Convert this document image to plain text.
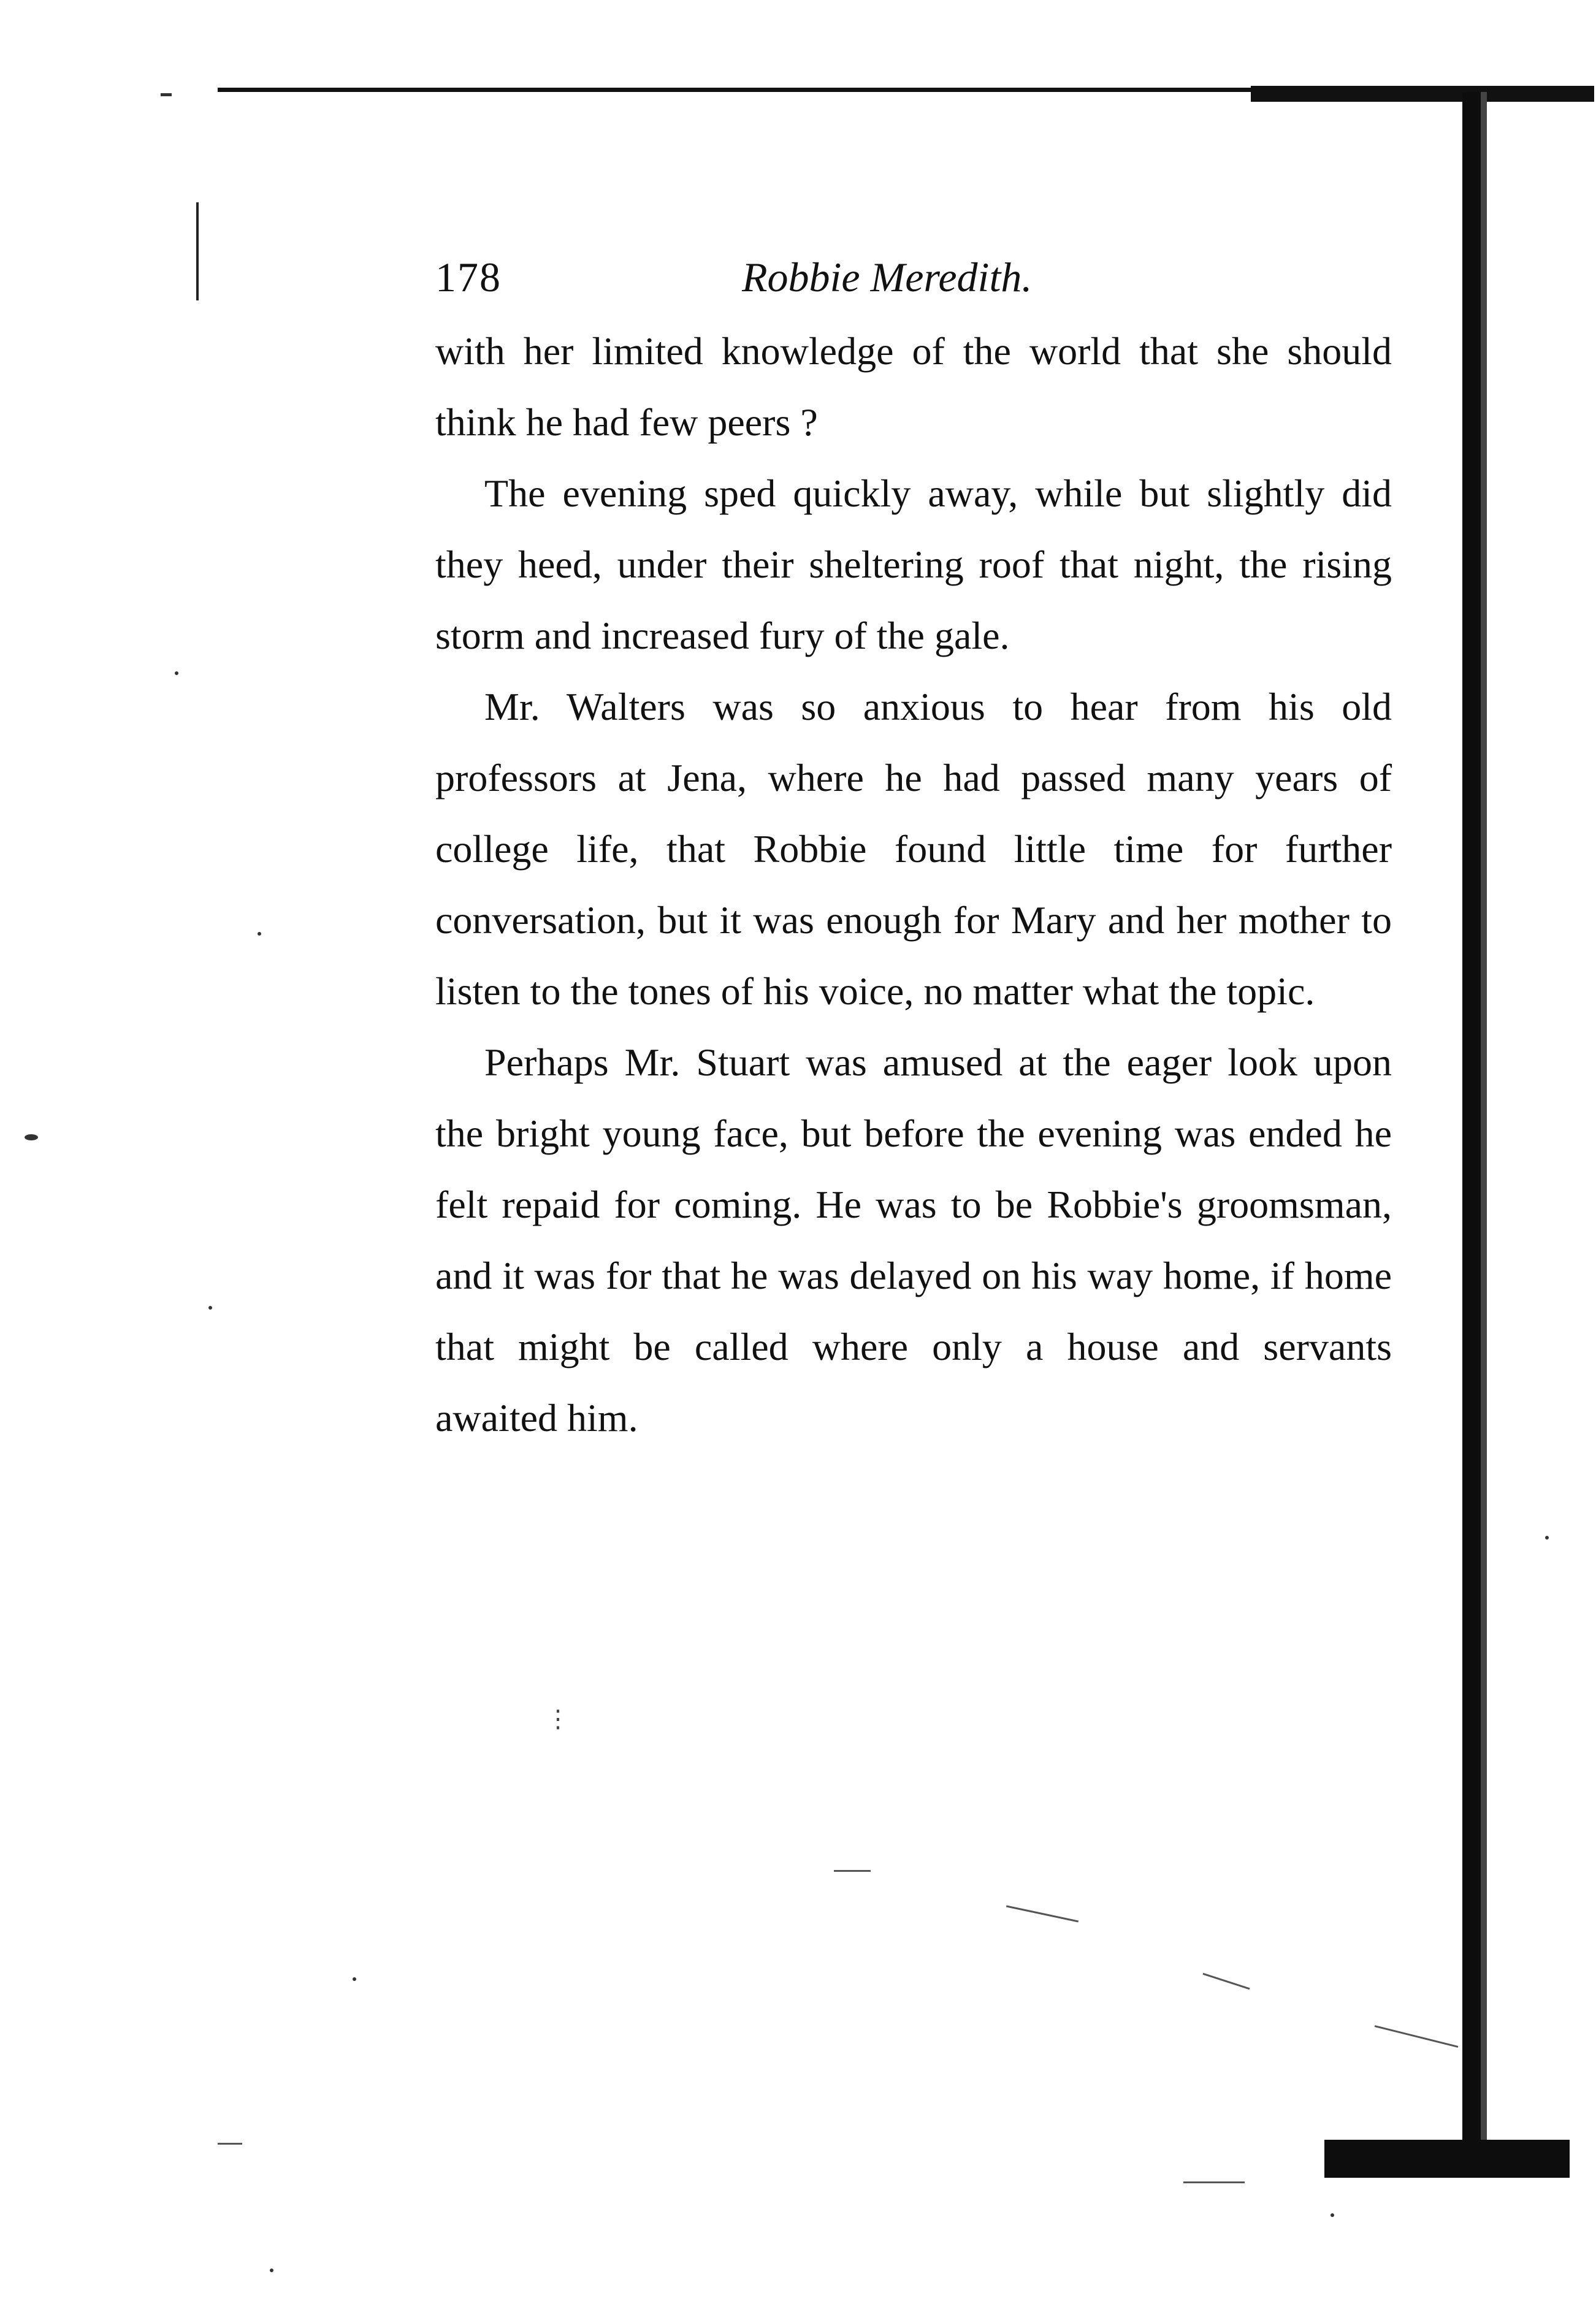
178	Robbie Meredith.

with her limited knowledge of the world that she should think he had few peers ?

The evening sped quickly away, while but slightly did they heed, under their sheltering roof that night, the rising storm and increased fury of the gale.

Mr. Walters was so anxious to hear from his old professors at Jena, where he had passed many years of college life, that Robbie found little time for further conversation, but it was enough for Mary and her mother to listen to the tones of his voice, no matter what the topic.

Perhaps Mr. Stuart was amused at the eager look upon the bright young face, but before the evening was ended he felt repaid for coming. He was to be Robbie's groomsman, and it was for that he was delayed on his way home, if home that might be called where only a house and servants awaited him.

⋮
